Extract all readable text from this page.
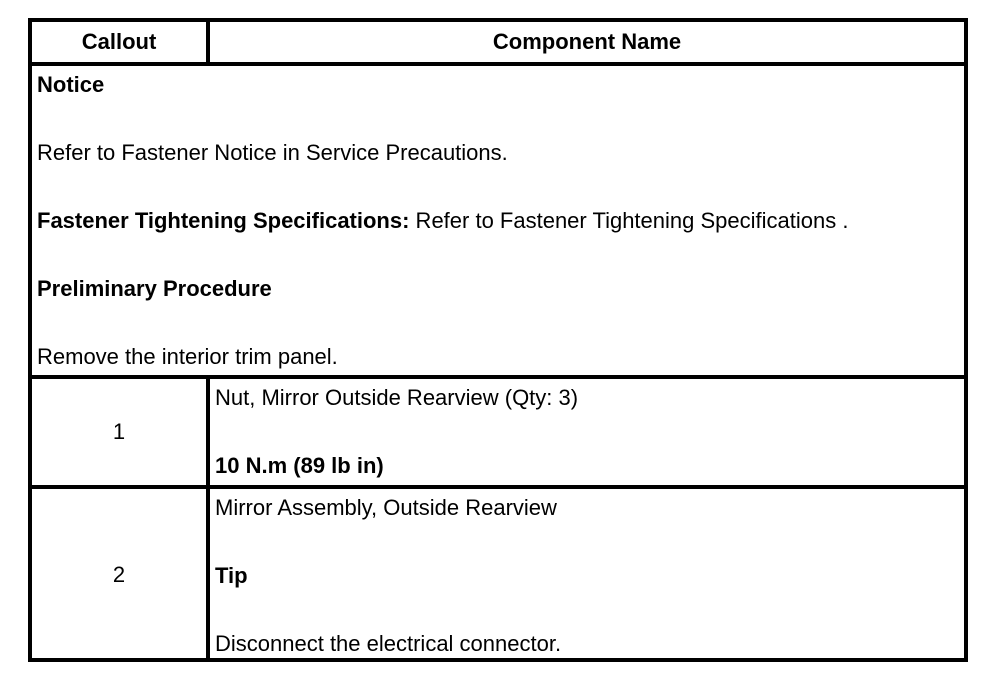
Callout	Component Name
Notice
Refer to Fastener Notice in Service Precautions.
Fastener Tightening Specifications: Refer to Fastener Tightening Specifications .
Preliminary Procedure
Remove the interior trim panel.
1
Nut, Mirror Outside Rearview (Qty: 3)
10 N.m (89 lb in)
2
Mirror Assembly, Outside Rearview
Tip
Disconnect the electrical connector.
